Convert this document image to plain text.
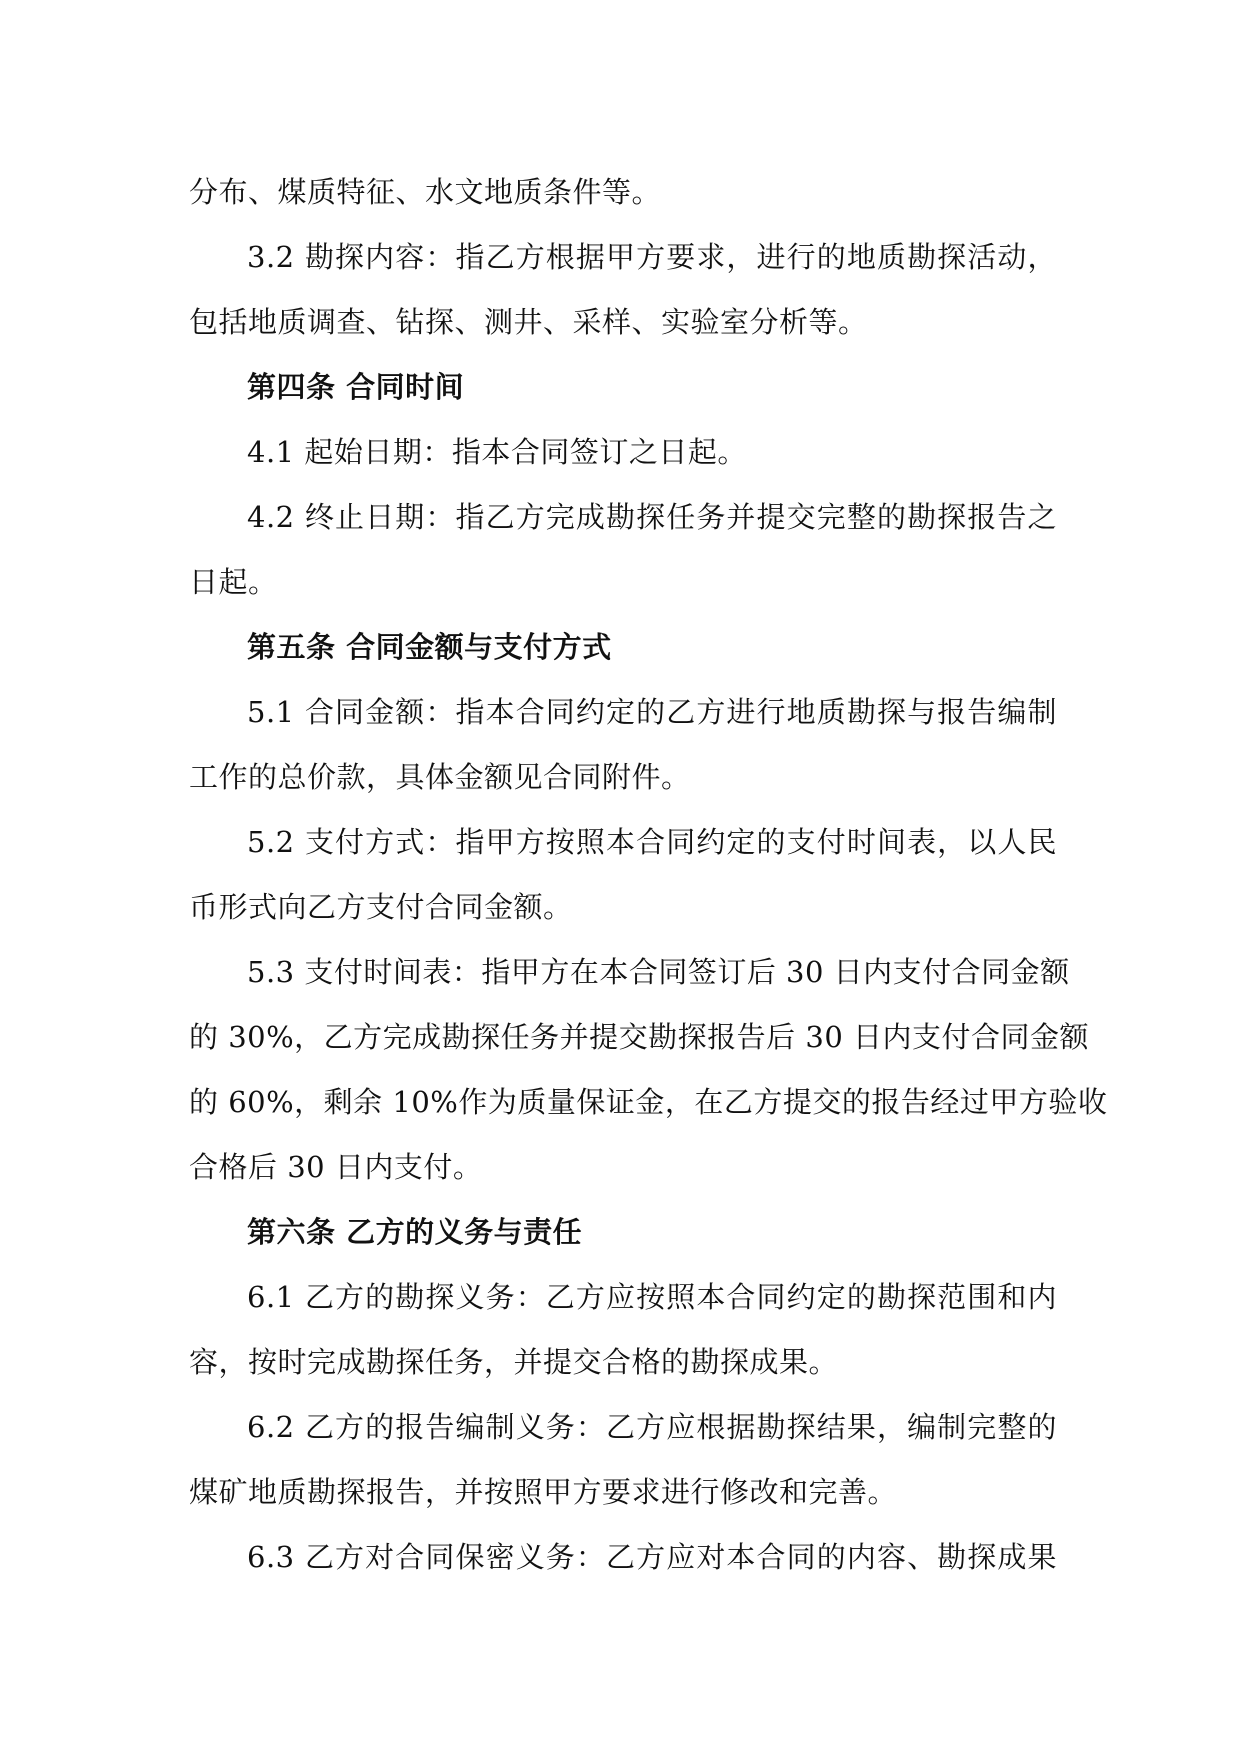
分布、煤质特征、水文地质条件等。
3.2 勘探内容：指乙方根据甲方要求，进行的地质勘探活动，
包括地质调查、钻探、测井、采样、实验室分析等。
第四条 合同时间
4.1 起始日期：指本合同签订之日起。
4.2 终止日期：指乙方完成勘探任务并提交完整的勘探报告之
日起。
第五条 合同金额与支付方式
5.1 合同金额：指本合同约定的乙方进行地质勘探与报告编制
工作的总价款，具体金额见合同附件。
5.2 支付方式：指甲方按照本合同约定的支付时间表，以人民
币形式向乙方支付合同金额。
5.3 支付时间表：指甲方在本合同签订后 30 日内支付合同金额
的 30%，乙方完成勘探任务并提交勘探报告后 30 日内支付合同金额
的 60%，剩余 10%作为质量保证金，在乙方提交的报告经过甲方验收
合格后 30 日内支付。
第六条 乙方的义务与责任
6.1 乙方的勘探义务：乙方应按照本合同约定的勘探范围和内
容，按时完成勘探任务，并提交合格的勘探成果。
6.2 乙方的报告编制义务：乙方应根据勘探结果，编制完整的
煤矿地质勘探报告，并按照甲方要求进行修改和完善。
6.3 乙方对合同保密义务：乙方应对本合同的内容、勘探成果
